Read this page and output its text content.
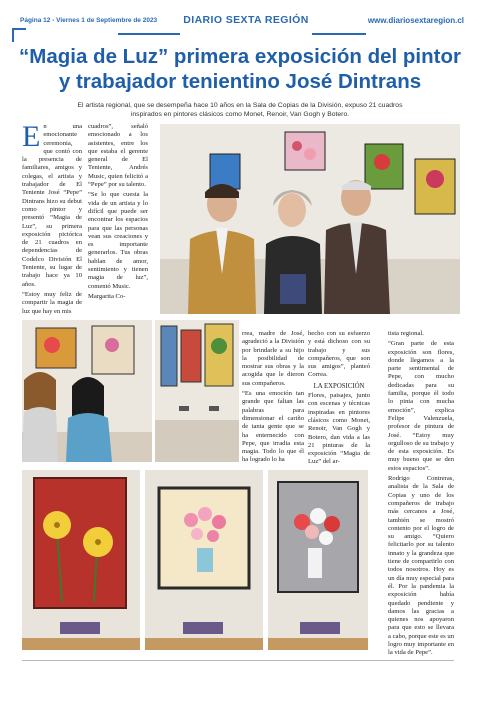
Página 12 - Viernes 1 de Septiembre de 2023	DIARIO SEXTA REGIÓN	www.diariosextaregion.cl
“Magia de Luz” primera exposición del pintor
y trabajador tenientino José Dintrans
El artista regional, que se desempeña hace 10 años en la Sala de Copias de la División, expuso 21 cuadros inspirados en pintores clásicos como Monet, Renoir, Van Gogh y Botero.
E n una emocionante ceremonia, que contó con la presencia de familiares, amigos y colegas, el artista y trabajador de El Teniente José “Pepe” Dintrans hizo su debut como pintor y presentó “Magia de Luz”, su primera exposición pictórica de 21 cuadros en dependencias de Codelco División El Teniente, su lugar de trabajo hace ya 10 años.

“Estoy muy feliz de compartir la magia de luz que hay en mis

cuadros”, señaló emocionado a los asistentes, entre los que estaba el gerente general de El Teniente, Andrés Music, quien felicitó a “Pepe” por su talento.

“Se lo que cuesta la vida de un artista y lo difícil que puede ser encontrar los espacios para que las personas vean sus creaciones y es importante generarlos. Tus obras hablan de amor, sentimiento y tienen magia de luz”, comentó Music.

Margarita Co-

rrea, madre de José, agradeció a la División por brindarle a su hijo la posibilidad de mostrar sus obras y la acogida que le dieron sus compañeros.

“Es una emoción tan grande que faltan las palabras para dimensionar el cariño de tanta gente que se ha enternecido con Pepe, que irradia esta magia. Todo lo que él ha logrado lo ha

hecho con su esfuerzo y está dichoso con su trabajo y sus compañeros, que son sus amigos”, planteó Correa.

LA EXPOSICIÓN

Flores, paisajes, junto con escenas y técnicas inspiradas en pintores clásicos como Monet, Renoir, Van Gogh y Botero, dan vida a las 21 pinturas de la exposición “Magia de Luz” del ar-

tista regional.

“Gran parte de esta exposición son flores, donde llegamos a la parte sentimental de Pepe, con mucho dedicadas para su familia, porque él todo lo pinta con mucha emoción”, explica Felipe Valenzuela, profesor de pintura de José. “Estoy muy orgulloso de su trabajo y de esta exposición. Es muy bueno que se den estos espacios”.

Rodrigo Contreras, analista de la Sala de Copias y uno de los compañeros de trabajo más cercanos a José, también se mostró contento por el logro de su amigo. “Quiero felicitarlo por su talento innato y la grandeza que tiene de compartirlo con todos nosotros. Hoy es un día muy especial para él. Por la pandemia la exposición había quedado pendiente y damos las gracias a quienes nos apoyaron para que esto se llevara a cabo, porque este es un logro muy importante en la vida de Pepe”.
